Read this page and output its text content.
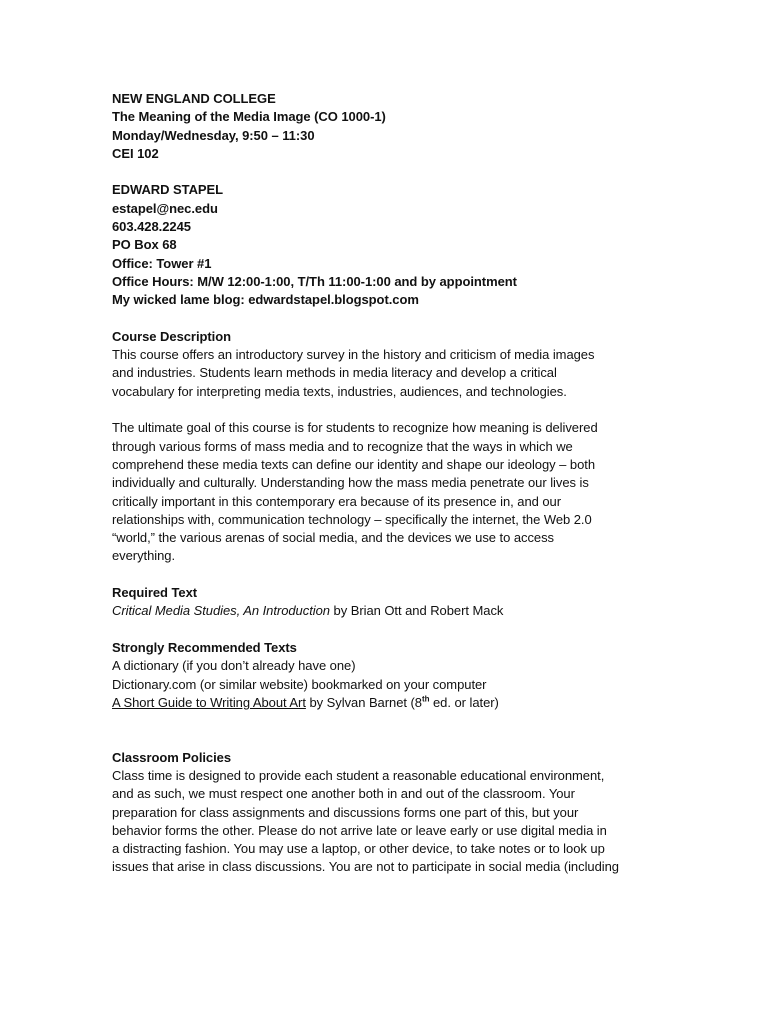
NEW ENGLAND COLLEGE
The Meaning of the Media Image (CO 1000-1)
Monday/Wednesday, 9:50 – 11:30
CEI 102
EDWARD STAPEL
estapel@nec.edu
603.428.2245
PO Box 68
Office: Tower #1
Office Hours: M/W 12:00-1:00, T/Th 11:00-1:00 and by appointment
My wicked lame blog: edwardstapel.blogspot.com
Course Description

This course offers an introductory survey in the history and criticism of media images

and industries. Students learn methods in media literacy and develop a critical

vocabulary for interpreting media texts, industries, audiences, and technologies.

The ultimate goal of this course is for students to recognize how meaning is delivered

through various forms of mass media and to recognize that the ways in which we

comprehend these media texts can define our identity and shape our ideology – both

individually and culturally. Understanding how the mass media penetrate our lives is

critically important in this contemporary era because of its presence in, and our

relationships with, communication technology – specifically the internet, the Web 2.0

“world,” the various arenas of social media, and the devices we use to access

everything.

Required Text
Critical Media Studies, An Introduction by Brian Ott and Robert Mack
Strongly Recommended Texts
A dictionary (if you don’t already have one)
Dictionary.com (or similar website) bookmarked on your computer
A Short Guide to Writing About Art by Sylvan Barnet (8th ed. or later)
Classroom Policies

Class time is designed to provide each student a reasonable educational environment,

and as such, we must respect one another both in and out of the classroom. Your

preparation for class assignments and discussions forms one part of this, but your

behavior forms the other. Please do not arrive late or leave early or use digital media in

a distracting fashion. You may use a laptop, or other device, to take notes or to look up

issues that arise in class discussions. You are not to participate in social media (including
